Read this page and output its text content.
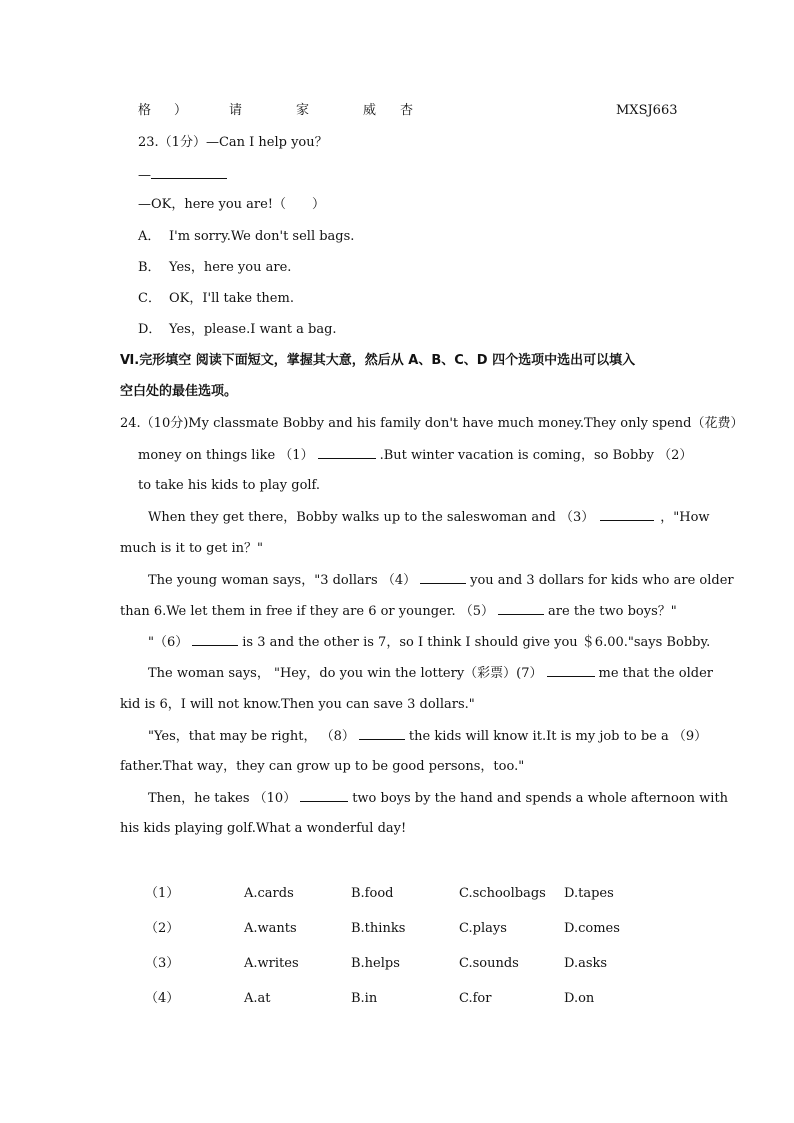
格 ）	请	家	威 杏	MXSJ663
23.（1分）—Can I help you？
—
—OK，here you are!（　　）
A． I'm sorry.We don't sell bags.
B． Yes，here you are.
C． OK，I'll take them.
D． Yes，please.I want a bag.
Ⅵ.完形填空 阅读下面短文，掌握其大意，然后从 A、B、C、D 四个选项中选出可以填入
空白处的最佳选项。
24.（10分)My classmate Bobby and his family don't have much money.They only spend（花费）
money on things like （1）	.But winter vacation is coming，so Bobby （2）
to take his kids to play golf.
When they get there，Bobby walks up to the saleswoman and （3）	，"How
much is it to get in？"
The young woman says，"3 dollars （4）	you and 3 dollars for kids who are older
than 6.We let them in free if they are 6 or younger. （5）	are the two boys？"
"（6）	is 3 and the other is 7，so I think I should give you ＄6.00."says Bobby.
The woman says， "Hey，do you win the lottery（彩票）(7）	me that the older
kid is 6，I will not know.Then you can save 3 dollars."
"Yes，that may be right， （8）	the kids will know it.It is my job to be a （9）
father.That way，they can grow up to be good persons，too."
Then，he takes （10）	two boys by the hand and spends a whole afternoon with
his kids playing golf.What a wonderful day!
（1）	A.cards	B.food	C.schoolbags D.tapes
（2）	A.wants	B.thinks	C.plays	D.comes
（3）	A.writes	B.helps	C.sounds	D.asks
（4）	A.at	B.in	C.for	D.on
